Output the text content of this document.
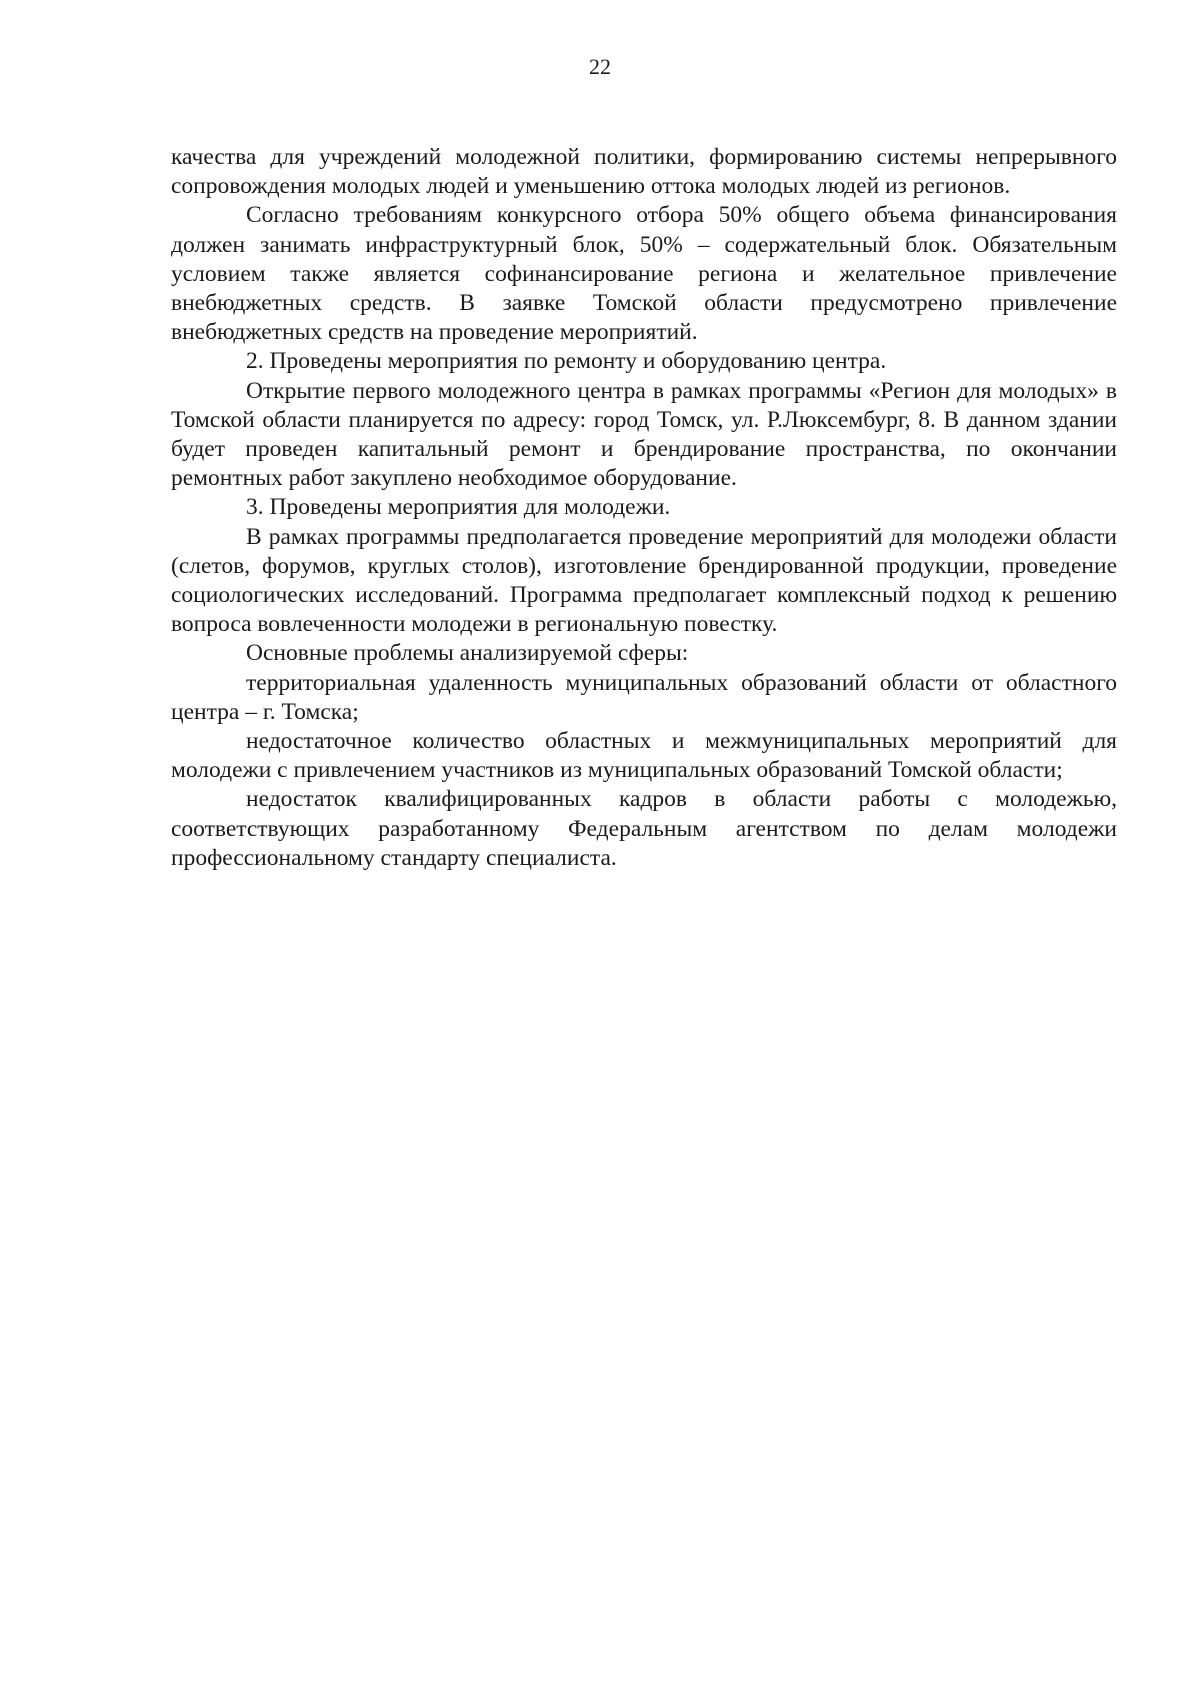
22

качества для учреждений молодежной политики, формированию системы непрерывного сопровождения молодых людей и уменьшению оттока молодых людей из регионов.

Согласно требованиям конкурсного отбора 50% общего объема финансирования должен занимать инфраструктурный блок, 50% – содержательный блок. Обязательным условием также является софинансирование региона и желательное привлечение внебюджетных средств. В заявке Томской области предусмотрено привлечение внебюджетных средств на проведение мероприятий.

2. Проведены мероприятия по ремонту и оборудованию центра.

Открытие первого молодежного центра в рамках программы «Регион для молодых» в Томской области планируется по адресу: город Томск, ул. Р.Люксембург, 8. В данном здании будет проведен капитальный ремонт и брендирование пространства, по окончании ремонтных работ закуплено необходимое оборудование.

3. Проведены мероприятия для молодежи.

В рамках программы предполагается проведение мероприятий для молодежи области (слетов, форумов, круглых столов), изготовление брендированной продукции, проведение социологических исследований. Программа предполагает комплексный подход к решению вопроса вовлеченности молодежи в региональную повестку.

Основные проблемы анализируемой сферы:

территориальная удаленность муниципальных образований области от областного центра – г. Томска;

недостаточное количество областных и межмуниципальных мероприятий для молодежи с привлечением участников из муниципальных образований Томской области;

недостаток квалифицированных кадров в области работы с молодежью, соответствующих разработанному Федеральным агентством по делам молодежи профессиональному стандарту специалиста.
